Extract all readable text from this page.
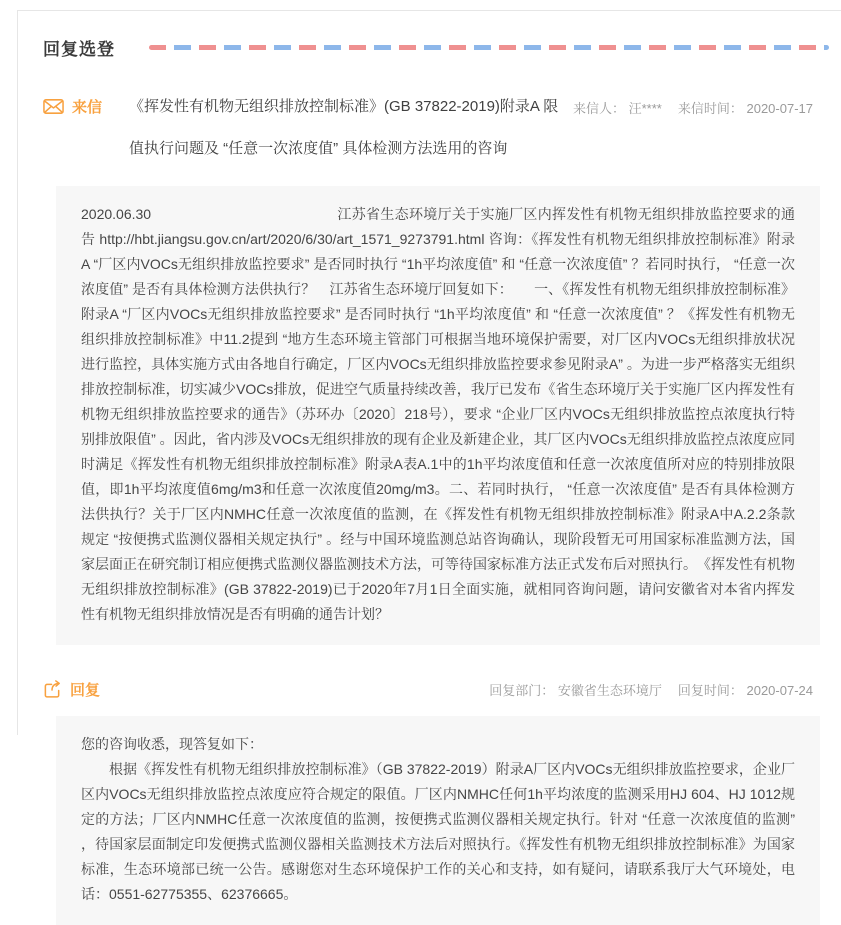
回复选登
来信 《挥发性有机物无组织排放控制标准》(GB 37822-2019)附录A 限值执行问题及 “任意一次浓度值” 具体检测方法选用的咨询
来信人： 汪**** 来信时间： 2020-07-17

2020.06.30　　　　　　　　　　　　　江苏省生态环境厅关于实施厂区内挥发性有机物无组织排放监控要求的通告 http://hbt.jiangsu.gov.cn/art/2020/6/30/art_1571_9273791.html 咨询：《挥发性有机物无组织排放控制标准》附录A “厂区内VOCs无组织排放监控要求” 是否同时执行 “1h平均浓度值” 和 “任意一次浓度值” ？若同时执行， “任意一次浓度值” 是否有具体检测方法供执行？　江苏省生态环境厅回复如下：　　一、《挥发性有机物无组织排放控制标准》附录A “厂区内VOCs无组织排放监控要求” 是否同时执行 “1h平均浓度值” 和 “任意一次浓度值” ？《挥发性有机物无组织排放控制标准》中11.2提到 “地方生态环境主管部门可根据当地环境保护需要，对厂区内VOCs无组织排放状况进行监控，具体实施方式由各地自行确定，厂区内VOCs无组织排放监控要求参见附录A” 。为进一步严格落实无组织排放控制标准，切实减少VOCs排放，促进空气质量持续改善，我厅已发布《省生态环境厅关于实施厂区内挥发性有机物无组织排放监控要求的通告》（苏环办〔2020〕218号），要求 “企业厂区内VOCs无组织排放监控点浓度执行特别排放限值” 。因此，省内涉及VOCs无组织排放的现有企业及新建企业，其厂区内VOCs无组织排放监控点浓度应同时满足《挥发性有机物无组织排放控制标准》附录A表A.1中的1h平均浓度值和任意一次浓度值所对应的特别排放限值，即1h平均浓度值6mg/m3和任意一次浓度值20mg/m3。二、若同时执行， “任意一次浓度值” 是否有具体检测方法供执行？关于厂区内NMHC任意一次浓度值的监测，在《挥发性有机物无组织排放控制标准》附录A中A.2.2条款规定 “按便携式监测仪器相关规定执行” 。经与中国环境监测总站咨询确认，现阶段暂无可用国家标准监测方法，国家层面正在研究制订相应便携式监测仪器监测技术方法，可等待国家标准方法正式发布后对照执行。　《挥发性有机物无组织排放控制标准》(GB 37822-2019)已于2020年7月1日全面实施，就相同咨询问题，请问安徽省对本省内挥发性有机物无组织排放情况是否有明确的通告计划？

回复	回复部门： 安徽省生态环境厅 回复时间： 2020-07-24

您的咨询收悉，现答复如下：

根据《挥发性有机物无组织排放控制标准》（GB 37822-2019）附录A厂区内VOCs无组织排放监控要求，企业厂区内VOCs无组织排放监控点浓度应符合规定的限值。厂区内NMHC任何1h平均浓度的监测采用HJ 604、HJ 1012规定的方法；厂区内NMHC任意一次浓度值的监测，按便携式监测仪器相关规定执行。针对 “任意一次浓度值的监测” ，待国家层面制定印发便携式监测仪器相关监测技术方法后对照执行。《挥发性有机物无组织排放控制标准》为国家标准，生态环境部已统一公告。感谢您对生态环境保护工作的关心和支持，如有疑问，请联系我厅大气环境处，电话：0551-62775355、62376665。
